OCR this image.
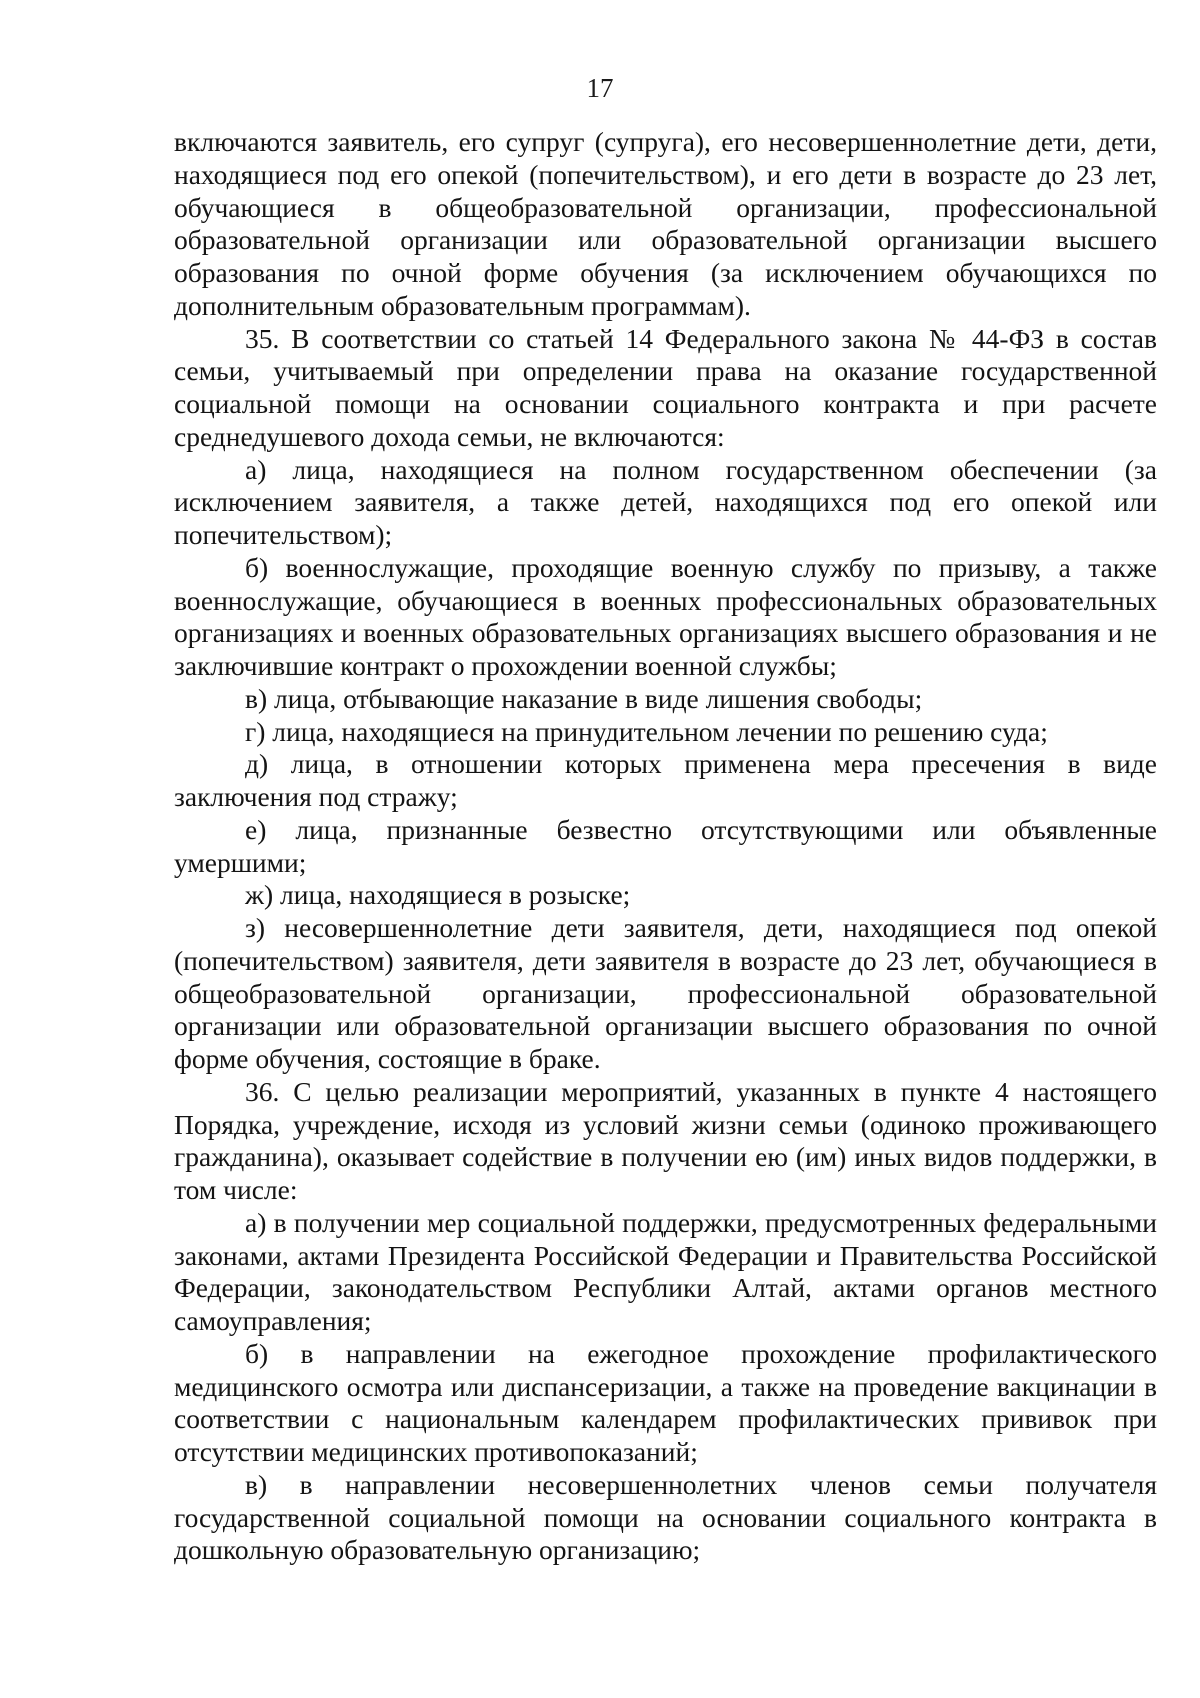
17

включаются заявитель, его супруг (супруга), его несовершеннолетние дети, дети, находящиеся под его опекой (попечительством), и его дети в возрасте до 23 лет, обучающиеся в общеобразовательной организации, профессиональной образовательной организации или образовательной организации высшего образования по очной форме обучения (за исключением обучающихся по дополнительным образовательным программам).

35. В соответствии со статьей 14 Федерального закона № 44-ФЗ в состав семьи, учитываемый при определении права на оказание государственной социальной помощи на основании социального контракта и при расчете среднедушевого дохода семьи, не включаются:

а) лица, находящиеся на полном государственном обеспечении (за исключением заявителя, а также детей, находящихся под его опекой или попечительством);

б) военнослужащие, проходящие военную службу по призыву, а также военнослужащие, обучающиеся в военных профессиональных образовательных организациях и военных образовательных организациях высшего образования и не заключившие контракт о прохождении военной службы;

в) лица, отбывающие наказание в виде лишения свободы;

г) лица, находящиеся на принудительном лечении по решению суда;

д) лица, в отношении которых применена мера пресечения в виде заключения под стражу;

е) лица, признанные безвестно отсутствующими или объявленные умершими;

ж) лица, находящиеся в розыске;

з) несовершеннолетние дети заявителя, дети, находящиеся под опекой (попечительством) заявителя, дети заявителя в возрасте до 23 лет, обучающиеся в общеобразовательной организации, профессиональной образовательной организации или образовательной организации высшего образования по очной форме обучения, состоящие в браке.

36. С целью реализации мероприятий, указанных в пункте 4 настоящего Порядка, учреждение, исходя из условий жизни семьи (одиноко проживающего гражданина), оказывает содействие в получении ею (им) иных видов поддержки, в том числе:

а) в получении мер социальной поддержки, предусмотренных федеральными законами, актами Президента Российской Федерации и Правительства Российской Федерации, законодательством Республики Алтай, актами органов местного самоуправления;

б) в направлении на ежегодное прохождение профилактического медицинского осмотра или диспансеризации, а также на проведение вакцинации в соответствии с национальным календарем профилактических прививок при отсутствии медицинских противопоказаний;

в) в направлении несовершеннолетних членов семьи получателя государственной социальной помощи на основании социального контракта в дошкольную образовательную организацию;
